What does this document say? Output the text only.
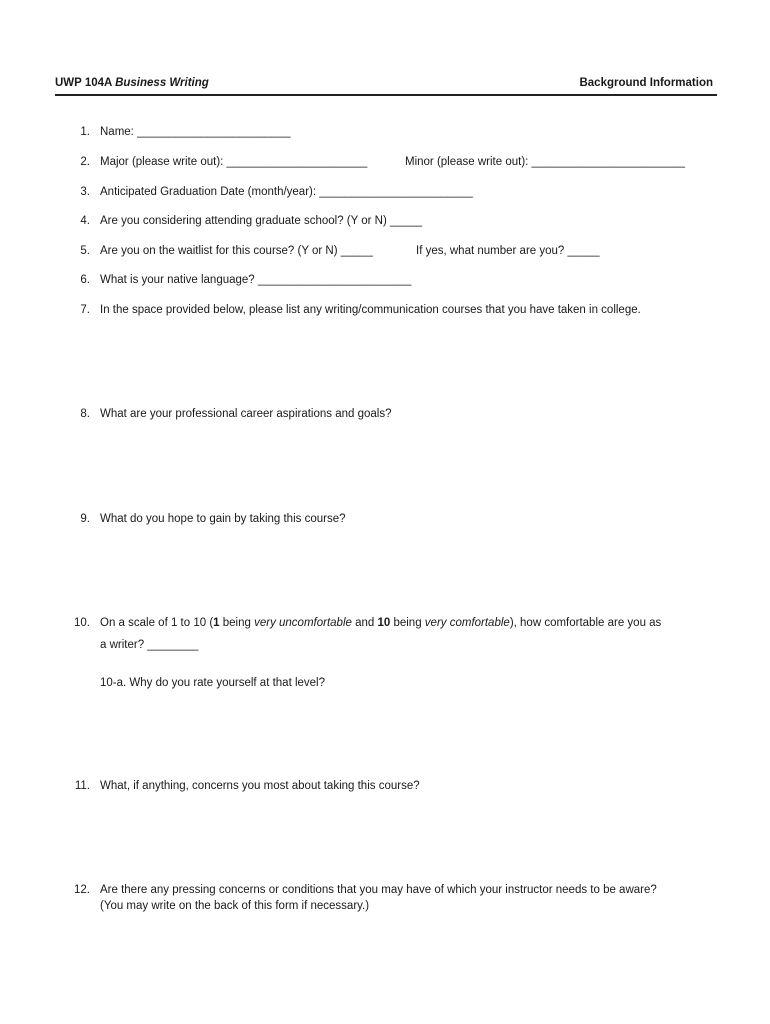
UWP 104A Business Writing	Background Information
1. Name: ________________________
2. Major (please write out): ______________________	Minor (please write out): ________________________
3. Anticipated Graduation Date (month/year): ________________________
4. Are you considering attending graduate school? (Y or N) _____
5. Are you on the waitlist for this course? (Y or N) _____	If yes, what number are you? _____
6. What is your native language? ________________________
7. In the space provided below, please list any writing/communication courses that you have taken in college.
8. What are your professional career aspirations and goals?
9. What do you hope to gain by taking this course?
10. On a scale of 1 to 10 (1 being very uncomfortable and 10 being very comfortable), how comfortable are you as
a writer? ________
10-a. Why do you rate yourself at that level?
11. What, if anything, concerns you most about taking this course?
12. Are there any pressing concerns or conditions that you may have of which your instructor needs to be aware?
(You may write on the back of this form if necessary.)
